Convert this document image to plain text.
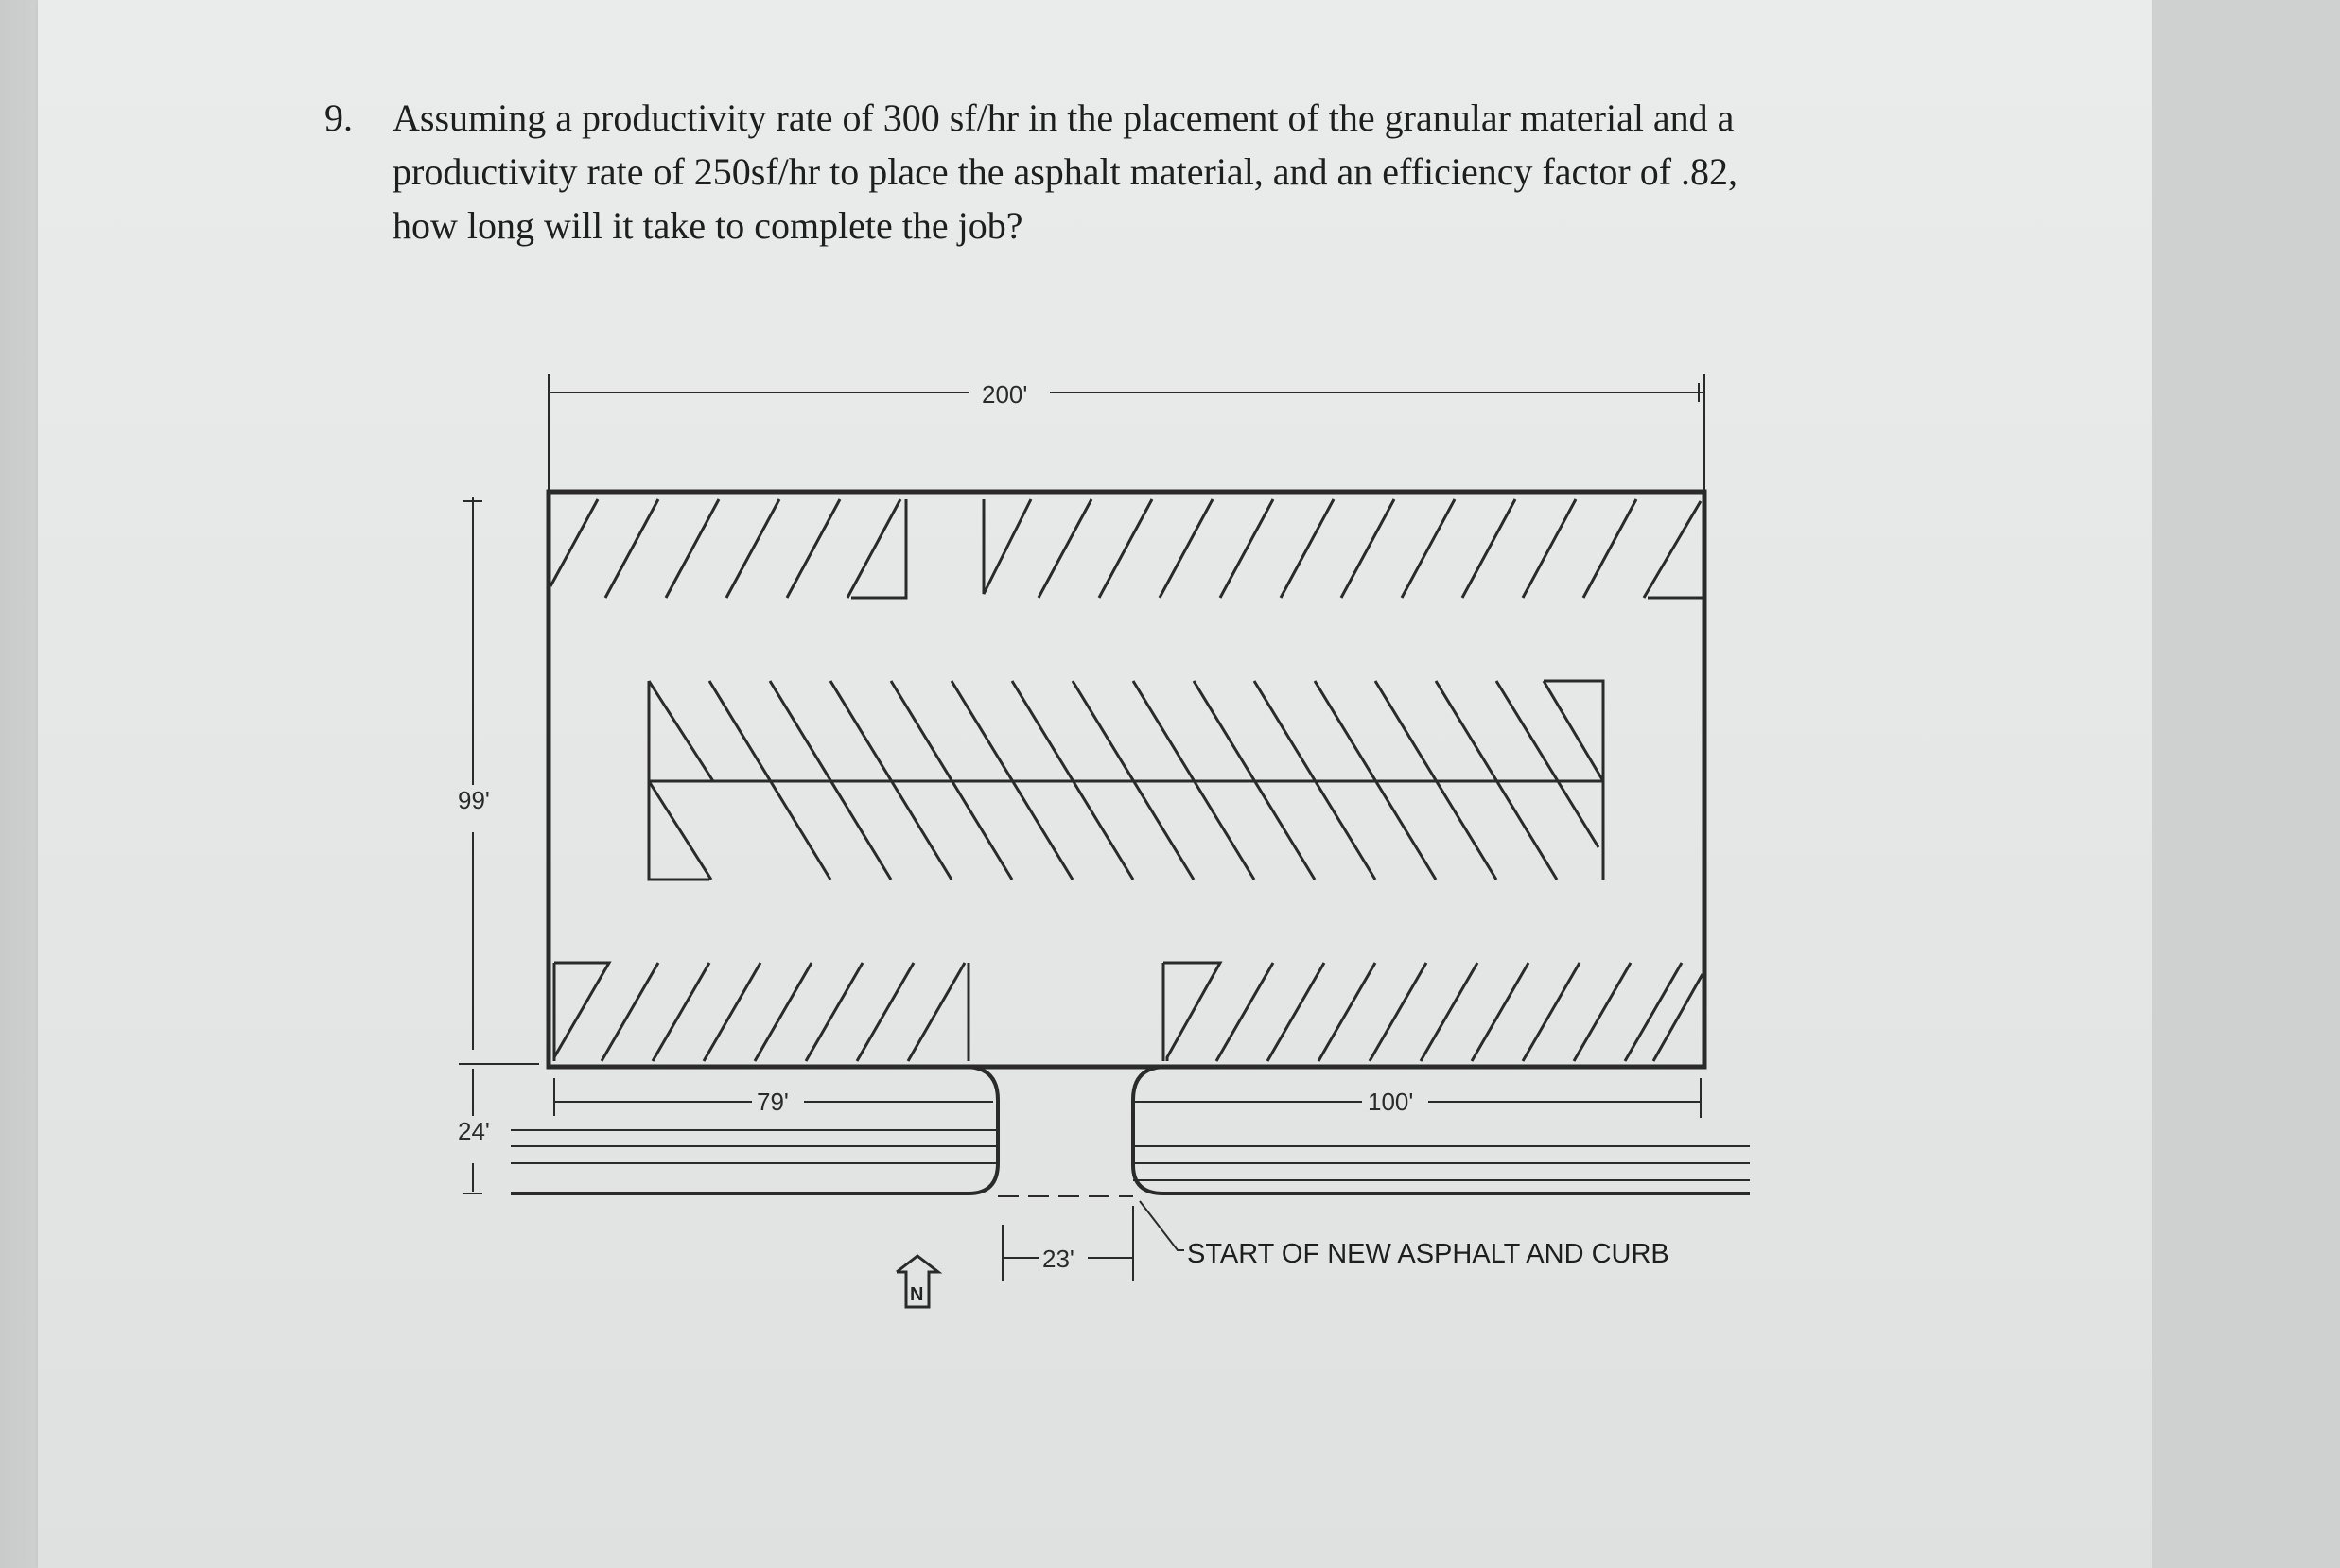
9. Assuming a productivity rate of 300 sf/hr in the placement of the granular material and a
productivity rate of 250sf/hr to place the asphalt material, and an efficiency factor of .82,
how long will it take to complete the job?
200'
99'
24'
79'	100'
23'	START OF NEW ASPHALT AND CURB
N
